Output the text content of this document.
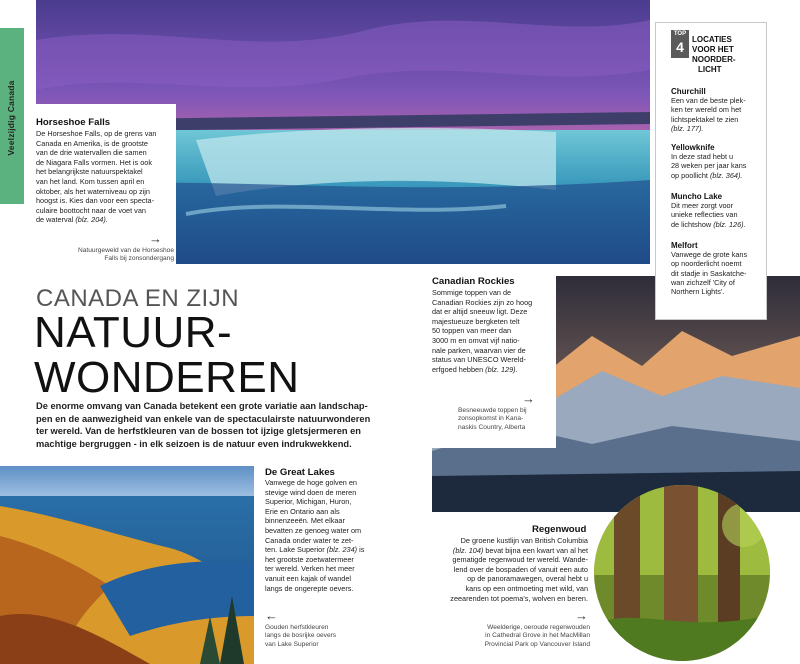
Veelzijdig Canada Horseshoe Falls
De Horseshoe Falls, op de grens van
Canada en Amerika, is de grootste
van de drie watervallen die samen
de Niagara Falls vormen. Het is ook
het belangrijkste natuurspektakel
van het land. Kom tussen april en
oktober, als het waterniveau op zijn
hoogst is. Kies dan voor een specta-
culaire boottocht naar de voet van
de waterval (blz. 204).
→
Natuurgeweld van de Horseshoe
Falls bij zonsondergang
CANADA EN ZIJN
NATUUR-
WONDEREN
De enorme omvang van Canada betekent een grote variatie aan landschap-
pen en de aanwezigheid van enkele van de spectaculairste natuurwonderen
ter wereld. Van de herfstkleuren van de bossen tot ijzige gletsjermeren en
machtige bergruggen - in elk seizoen is de natuur even indrukwekkend.
De Great Lakes
Vanwege de hoge golven en
stevige wind doen de meren
Superior, Michigan, Huron,
Erie en Ontario aan als
binnenzeeën. Met elkaar
bevatten ze genoeg water om
Canada onder water te zet-
ten. Lake Superior (blz. 234) is
het grootste zoetwatermeer
ter wereld. Verken het meer
vanuit een kajak of wandel
langs de ongerepte oevers.
←
Gouden herfstkleuren
langs de bosrijke oevers
van Lake Superior
Canadian Rockies
Sommige toppen van de
Canadian Rockies zijn zo hoog
dat er altijd sneeuw ligt. Deze
majestueuze bergketen telt
50 toppen van meer dan
3000 m en omvat vijf natio-
nale parken, waarvan vier de
status van UNESCO Wereld-
erfgoed hebben (blz. 129).
→
Besneeuwde toppen bij
zonsopkomst in Kana-
naskis Country, Alberta
TOP
4	LOCATIES
VOOR HET
NOORDER-
LICHT
Churchill
Een van de beste plek-
ken ter wereld om het
lichtspektakel te zien
(blz. 177).
Yellowknife
In deze stad hebt u
28 weken per jaar kans
op poollicht (blz. 364).
Muncho Lake
Dit meer zorgt voor
unieke reflecties van
de lichtshow (blz. 126).
Melfort
Vanwege de grote kans
op noorderlicht noemt
dit stadje in Saskatche-
wan zichzelf 'City of
Northern Lights'.
Regenwoud
De groene kustlijn van British Columbia
(blz. 104) bevat bijna een kwart van al het
gematigde regenwoud ter wereld. Wande-
lend over de bospaden of vanuit een auto
op de panoramawegen, overal hebt u
kans op een ontmoeting met wild, van
zeearenden tot poema's, wolven en beren.
→
Weelderige, oeroude regenwouden
in Cathedral Grove in het MacMillan
Provincial Park op Vancouver Island
